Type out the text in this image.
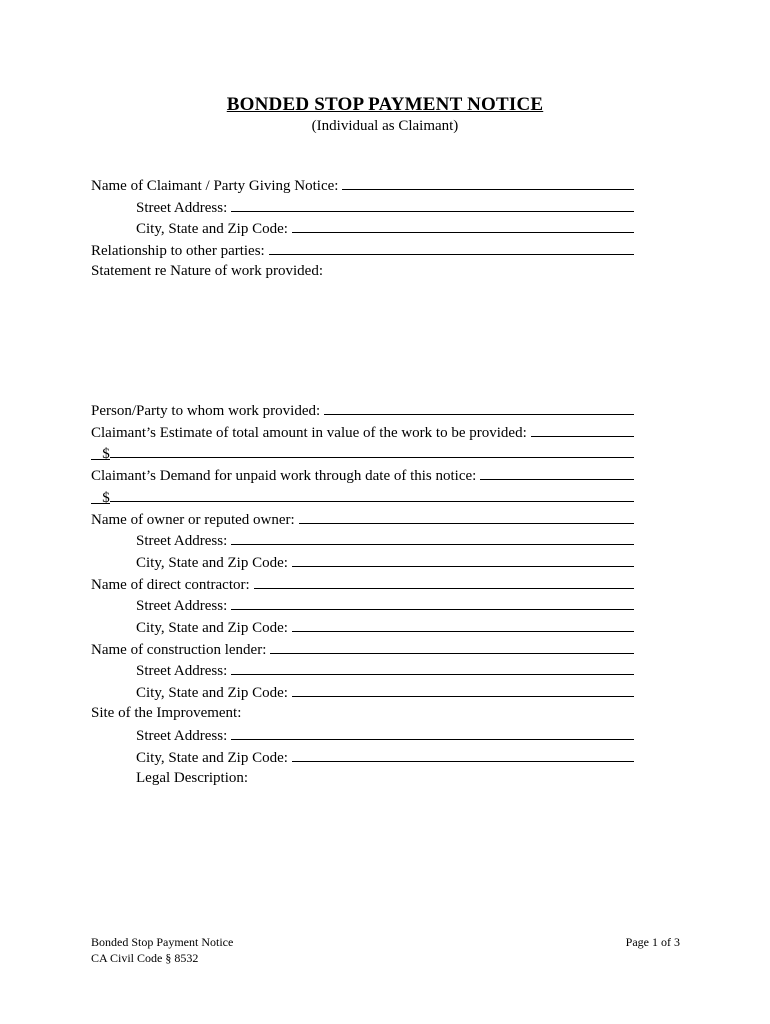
BONDED STOP PAYMENT NOTICE
(Individual as Claimant)
Name of Claimant / Party Giving Notice:
Street Address:
City, State and Zip Code:
Relationship to other parties:
Statement re Nature of work provided:
Person/Party to whom work provided:
Claimant’s Estimate of total amount in value of the work to be provided:

$
Claimant’s Demand for unpaid work through date of this notice:

$
Name of owner or reputed owner:
Street Address:
City, State and Zip Code:
Name of direct contractor:
Street Address:
City, State and Zip Code:
Name of construction lender:
Street Address:
City, State and Zip Code:
Site of the Improvement:
Street Address:
City, State and Zip Code:
Legal Description:
Bonded Stop Payment Notice
CA Civil Code § 8532
Page 1 of 3
